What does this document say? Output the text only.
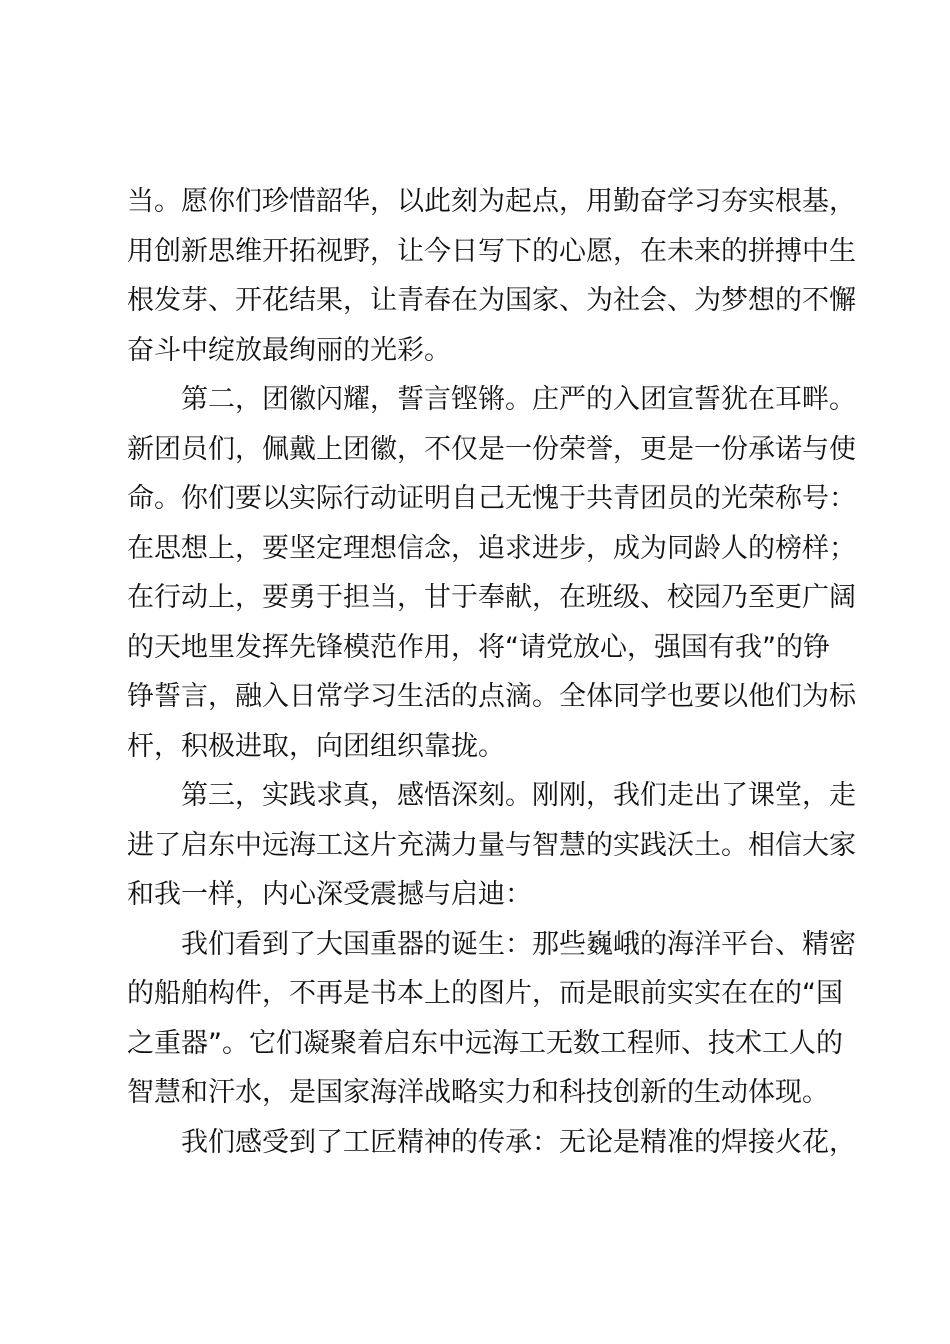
当。愿你们珍惜韶华，以此刻为起点，用勤奋学习夯实根基，
用创新思维开拓视野，让今日写下的心愿，在未来的拼搏中生
根发芽、开花结果，让青春在为国家、为社会、为梦想的不懈
奋斗中绽放最绚丽的光彩。
第二，团徽闪耀，誓言铿锵。庄严的入团宣誓犹在耳畔。
新团员们，佩戴上团徽，不仅是一份荣誉，更是一份承诺与使
命。你们要以实际行动证明自己无愧于共青团员的光荣称号：
在思想上，要坚定理想信念，追求进步，成为同龄人的榜样；
在行动上，要勇于担当，甘于奉献，在班级、校园乃至更广阔
的天地里发挥先锋模范作用，将“请党放心，强国有我”的铮
铮誓言，融入日常学习生活的点滴。全体同学也要以他们为标
杆，积极进取，向团组织靠拢。
第三，实践求真，感悟深刻。刚刚，我们走出了课堂，走
进了启东中远海工这片充满力量与智慧的实践沃土。相信大家
和我一样，内心深受震撼与启迪：
我们看到了大国重器的诞生：那些巍峨的海洋平台、精密
的船舶构件，不再是书本上的图片，而是眼前实实在在的“国
之重器”。它们凝聚着启东中远海工无数工程师、技术工人的
智慧和汗水，是国家海洋战略实力和科技创新的生动体现。
我们感受到了工匠精神的传承：无论是精准的焊接火花，
